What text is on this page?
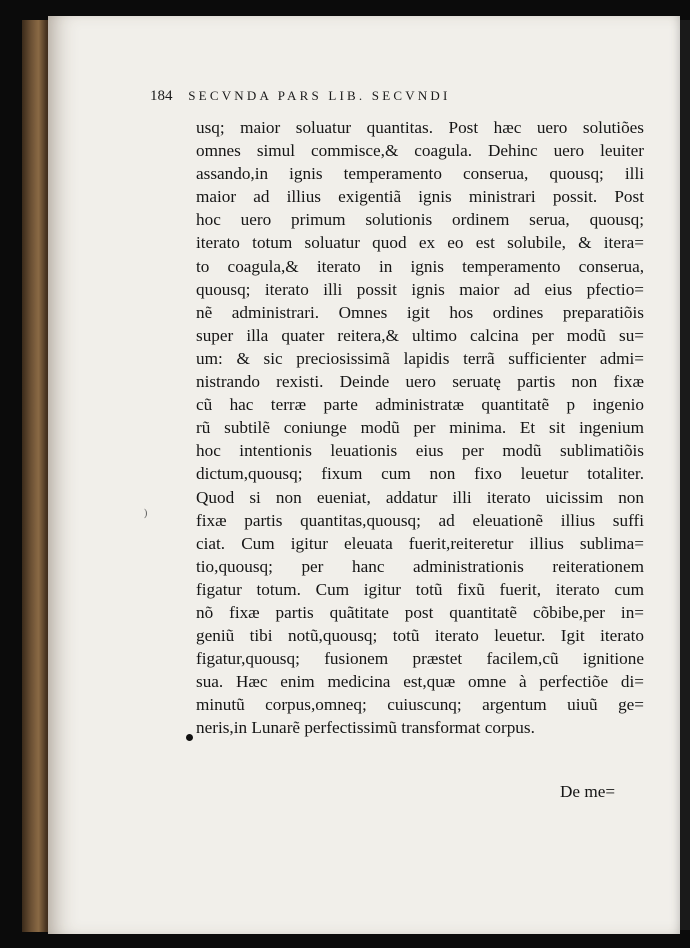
184 SECVNDA PARS LIB. SECVNDI
)
usq; maior soluatur quantitas. Post hæc uero solutiões
omnes simul commisce,& coagula. Dehinc uero leuiter
assando,in ignis temperamento conserua, quousq; illi
maior ad illius exigentiã ignis ministrari possit. Post
hoc uero primum solutionis ordinem serua, quousq;
iterato totum soluatur quod ex eo est solubile, & itera=
to coagula,& iterato in ignis temperamento conserua,
quousq; iterato illi possit ignis maior ad eius pfectio=
nẽ administrari. Omnes igit hos ordines preparatiõis
super illa quater reitera,& ultimo calcina per modũ su=
um: & sic preciosissimã lapidis terrã sufficienter admi=
nistrando rexisti. Deinde uero seruatę partis non fixæ
cũ hac terræ parte administratæ quantitatẽ p ingenio
rũ subtilẽ coniunge modũ per minima. Et sit ingenium
hoc intentionis leuationis eius per modũ sublimatiõis
dictum,quousq; fixum cum non fixo leuetur totaliter.
Quod si non eueniat, addatur illi iterato uicissim non
fixæ partis quantitas,quousq; ad eleuationẽ illius suffi
ciat. Cum igitur eleuata fuerit,reiteretur illius sublima=
tio,quousq; per hanc administrationis reiterationem
figatur totum. Cum igitur totũ fixũ fuerit, iterato cum
nõ fixæ partis quãtitate post quantitatẽ cõbibe,per in=
geniũ tibi notũ,quousq; totũ iterato leuetur. Igit iterato
figatur,quousq; fusionem præstet facilem,cũ ignitione
sua. Hæc enim medicina est,quæ omne à perfectiõe di=
minutũ corpus,omneq; cuiuscunq; argentum uiuũ ge=
neris,in Lunarẽ perfectissimũ transformat corpus.
De me=
